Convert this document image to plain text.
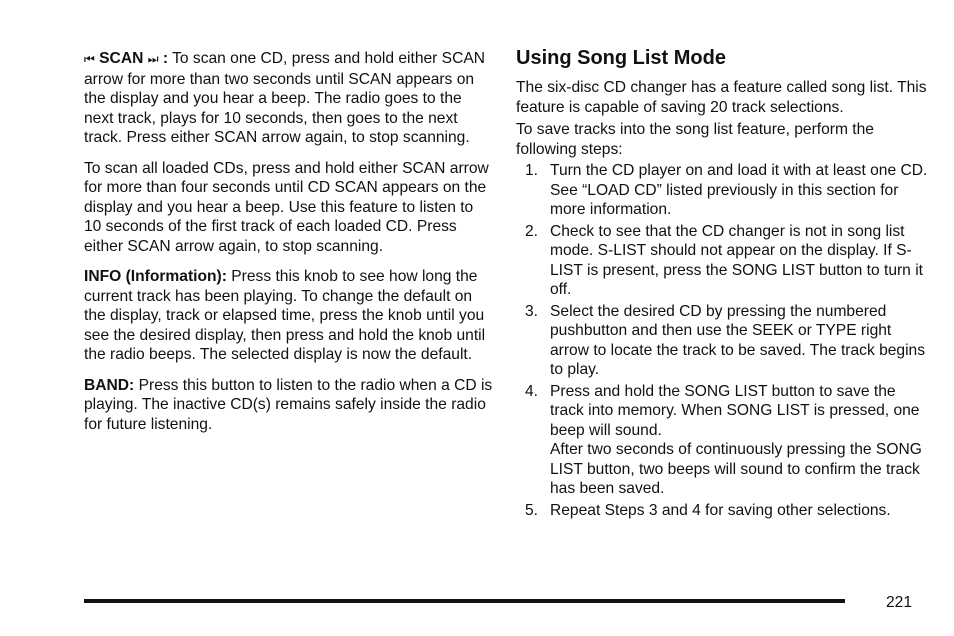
⏮ SCAN ⏭ : To scan one CD, press and hold either SCAN arrow for more than two seconds until SCAN appears on the display and you hear a beep. The radio goes to the next track, plays for 10 seconds, then goes to the next track. Press either SCAN arrow again, to stop scanning.

To scan all loaded CDs, press and hold either SCAN arrow for more than four seconds until CD SCAN appears on the display and you hear a beep. Use this feature to listen to 10 seconds of the first track of each loaded CD. Press either SCAN arrow again, to stop scanning.

INFO (Information): Press this knob to see how long the current track has been playing. To change the default on the display, track or elapsed time, press the knob until you see the desired display, then press and hold the knob until the radio beeps. The selected display is now the default.

BAND: Press this button to listen to the radio when a CD is playing. The inactive CD(s) remains safely inside the radio for future listening.

Using Song List Mode

The six-disc CD changer has a feature called song list. This feature is capable of saving 20 track selections.

To save tracks into the song list feature, perform the following steps:

1. Turn the CD player on and load it with at least one CD. See “LOAD CD” listed previously in this section for more information.
2. Check to see that the CD changer is not in song list mode. S-LIST should not appear on the display. If S-LIST is present, press the SONG LIST button to turn it off.
3. Select the desired CD by pressing the numbered pushbutton and then use the SEEK or TYPE right arrow to locate the track to be saved. The track begins to play.
4. Press and hold the SONG LIST button to save the track into memory. When SONG LIST is pressed, one beep will sound.
After two seconds of continuously pressing the SONG LIST button, two beeps will sound to confirm the track has been saved.
5. Repeat Steps 3 and 4 for saving other selections.
221
